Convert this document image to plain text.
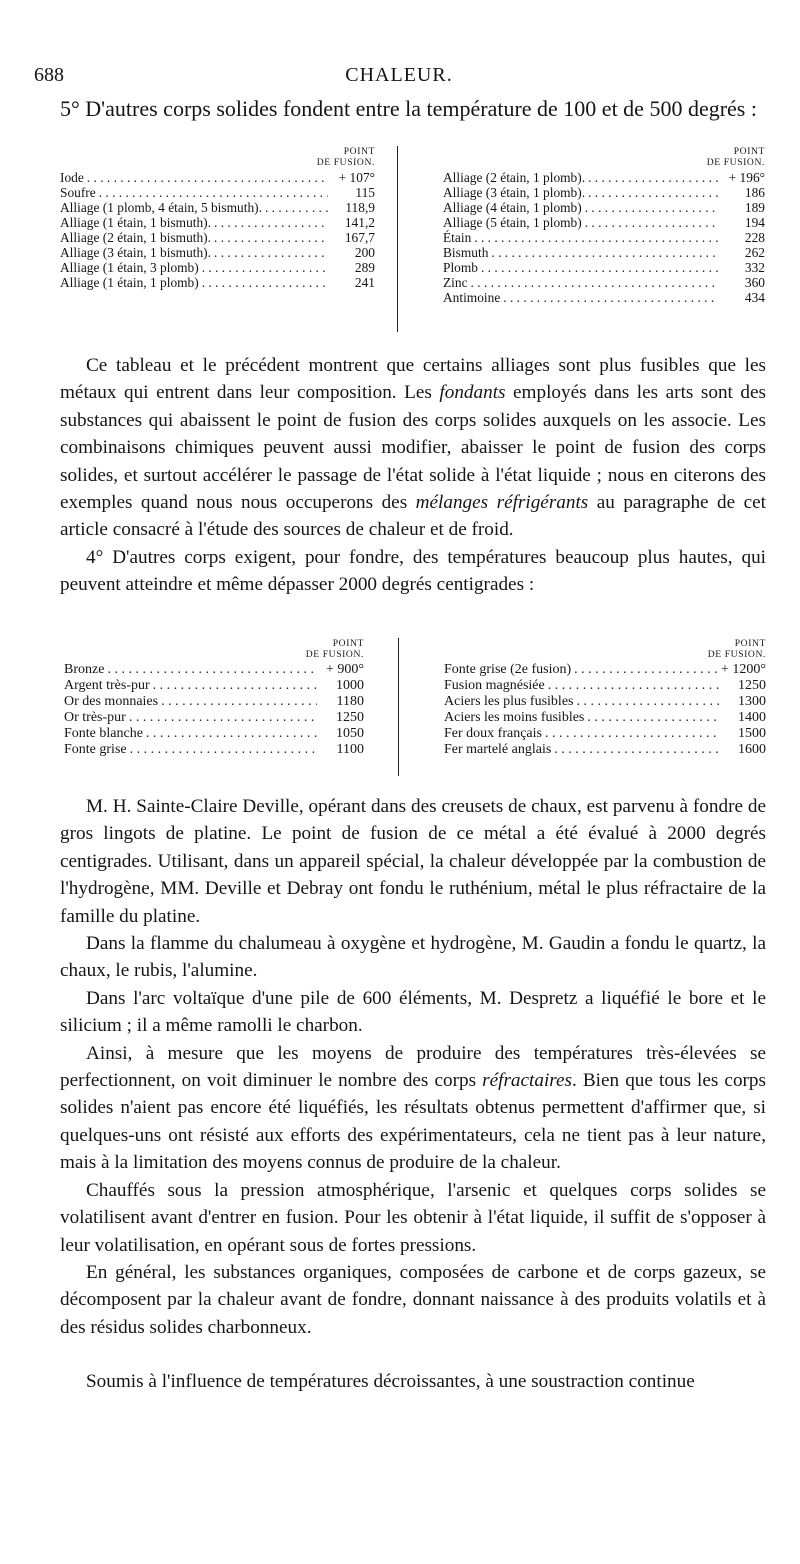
688	CHALEUR.
5° D'autres corps solides fondent entre la température de 100 et de 500 degrés :
POINT
DE FUSION.
Iode . . .	+ 107°
Soufre . . .	115
Alliage (1 plomb, 4 étain, 5 bismuth). . . .	118,9
Alliage (1 étain, 1 bismuth). . . .	141,2
Alliage (2 étain, 1 bismuth). . . .	167,7
Alliage (3 étain, 1 bismuth). . . .	200
Alliage (1 étain, 3 plomb) . . .	289
Alliage (1 étain, 1 plomb) . . .	241
POINT
DE FUSION.
Alliage (2 étain, 1 plomb). . . .	+ 196°
Alliage (3 étain, 1 plomb). . . .	186
Alliage (4 étain, 1 plomb) . . .	189
Alliage (5 étain, 1 plomb) . . .	194
Étain . . .	228
Bismuth . . .	262
Plomb . . .	332
Zinc . . .	360
Antimoine . . .	434

Ce tableau et le précédent montrent que certains alliages sont plus fusibles que les métaux qui entrent dans leur composition. Les fondants employés dans les arts sont des substances qui abaissent le point de fusion des corps solides auxquels on les associe. Les combinaisons chimiques peuvent aussi modifier, abaisser le point de fusion des corps solides, et surtout accélérer le passage de l'état solide à l'état liquide ; nous en citerons des exemples quand nous nous occuperons des mélanges réfrigérants au paragraphe de cet article consacré à l'étude des sources de chaleur et de froid.

4° D'autres corps exigent, pour fondre, des températures beaucoup plus hautes, qui peuvent atteindre et même dépasser 2000 degrés centigrades :

POINT
DE FUSION.
Bronze . . .	+ 900°
Argent très-pur . . .	1000
Or des monnaies . . .	1180
Or très-pur . . .	1250
Fonte blanche . . .	1050
Fonte grise . . .	1100
POINT
DE FUSION.
Fonte grise (2e fusion) . . .	+ 1200°
Fusion magnésiée . . .	1250
Aciers les plus fusibles . . .	1300
Aciers les moins fusibles . . .	1400
Fer doux français . . .	1500
Fer martelé anglais . . .	1600

M. H. Sainte-Claire Deville, opérant dans des creusets de chaux, est parvenu à fondre de gros lingots de platine. Le point de fusion de ce métal a été évalué à 2000 degrés centigrades. Utilisant, dans un appareil spécial, la chaleur développée par la combustion de l'hydrogène, MM. Deville et Debray ont fondu le ruthénium, métal le plus réfractaire de la famille du platine.

Dans la flamme du chalumeau à oxygène et hydrogène, M. Gaudin a fondu le quartz, la chaux, le rubis, l'alumine.

Dans l'arc voltaïque d'une pile de 600 éléments, M. Despretz a liquéfié le bore et le silicium ; il a même ramolli le charbon.

Ainsi, à mesure que les moyens de produire des températures très-élevées se perfectionnent, on voit diminuer le nombre des corps réfractaires. Bien que tous les corps solides n'aient pas encore été liquéfiés, les résultats obtenus permettent d'affirmer que, si quelques-uns ont résisté aux efforts des expérimentateurs, cela ne tient pas à leur nature, mais à la limitation des moyens connus de produire de la chaleur.

Chauffés sous la pression atmosphérique, l'arsenic et quelques corps solides se volatilisent avant d'entrer en fusion. Pour les obtenir à l'état liquide, il suffit de s'opposer à leur volatilisation, en opérant sous de fortes pressions.

En général, les substances organiques, composées de carbone et de corps gazeux, se décomposent par la chaleur avant de fondre, donnant naissance à des produits volatils et à des résidus solides charbonneux.

Soumis à l'influence de températures décroissantes, à une soustraction continue
